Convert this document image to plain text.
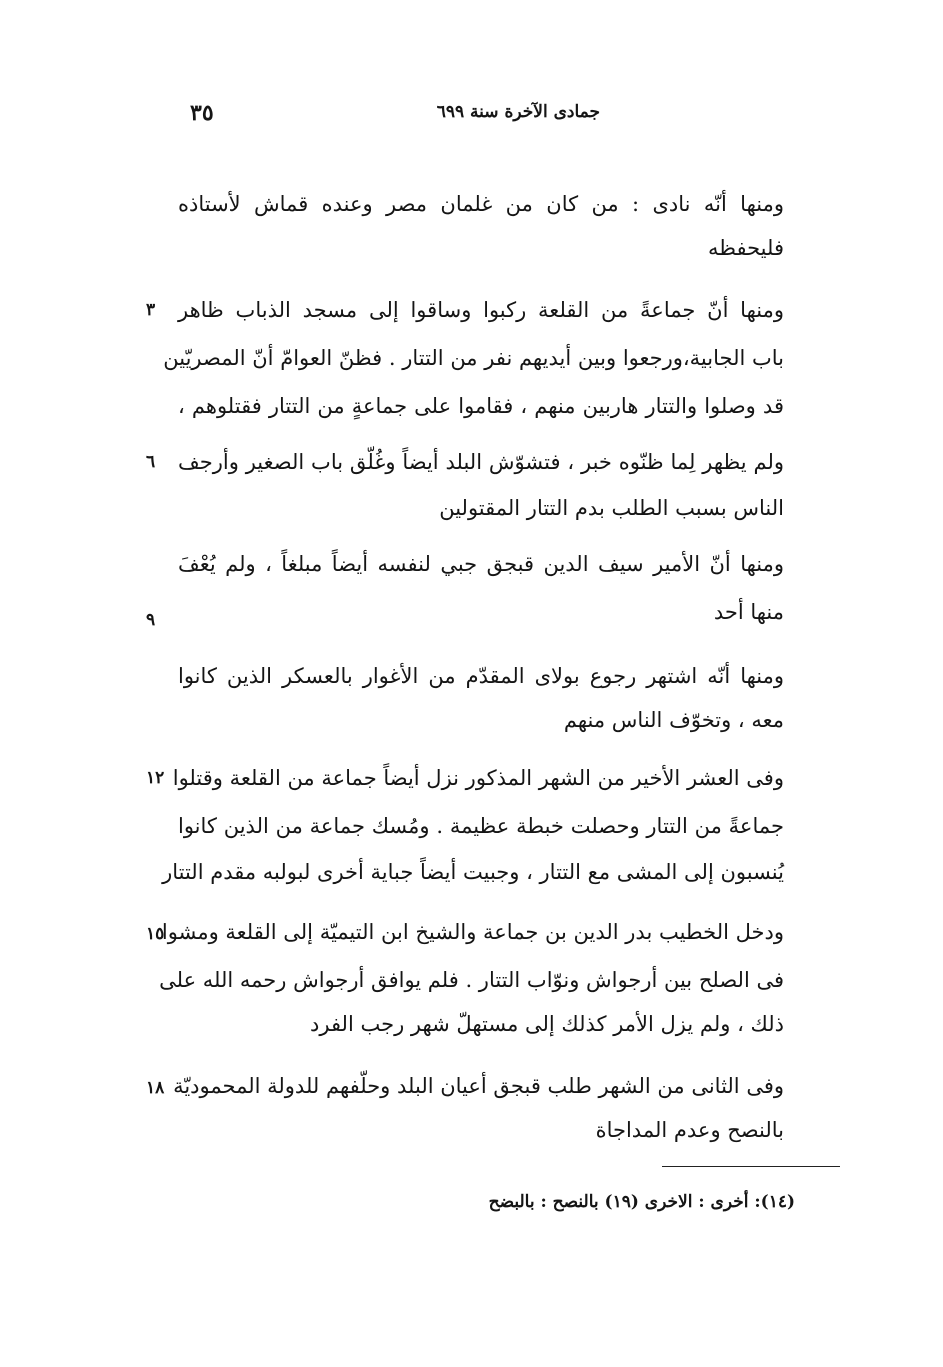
٣٥	جمادى الآخرة سنة ٦٩٩
ومنها أنّه نادى : من كان من غلمان مصر وعنده قماش لأستاذه
فليحفظه
ومنها أنّ جماعةً من القلعة ركبوا وساقوا إلى مسجد الذباب ظاهر
٣
باب الجابية،ورجعوا وبين أيديهم نفر من التتار . فظنّ العوامّ أنّ المصريّين
قد وصلوا والتتار هاربين منهم ، فقاموا على جماعةٍ من التتار فقتلوهم ،
ولم يظهر لِما ظنّوه خبر ، فتشوّش البلد أيضاً وغُلّق باب الصغير وأرجف
٦
الناس بسبب الطلب بدم التتار المقتولين
ومنها أنّ الأمير سيف الدين قبجق جبي لنفسه أيضاً مبلغاً ، ولم يُعْفَ
منها أحد
٩
ومنها أنّه اشتهر رجوع بولاى المقدّم من الأغوار بالعسكر الذين كانوا
معه ، وتخوّف الناس منهم
وفى العشر الأخير من الشهر المذكور نزل أيضاً جماعة من القلعة وقتلوا
١٢
جماعةً من التتار وحصلت خبطة عظيمة . ومُسك جماعة من الذين كانوا
يُنسبون إلى المشى مع التتار ، وجبيت أيضاً جباية أخرى لبولبه مقدم التتار
ودخل الخطيب بدر الدين بن جماعة والشيخ ابن التيميّة إلى القلعة ومشوا
١٥
فى الصلح بين أرجواش ونوّاب التتار . فلم يوافق أرجواش رحمه الله على
ذلك ، ولم يزل الأمر كذلك إلى مستهلّ شهر رجب الفرد
وفى الثانى من الشهر طلب قبجق أعيان البلد وحلّفهم للدولة المحموديّة
١٨
بالنصح وعدم المداجاة
(١٤): أخرى : الاخرى (١٩) بالنصح : بالبضح
